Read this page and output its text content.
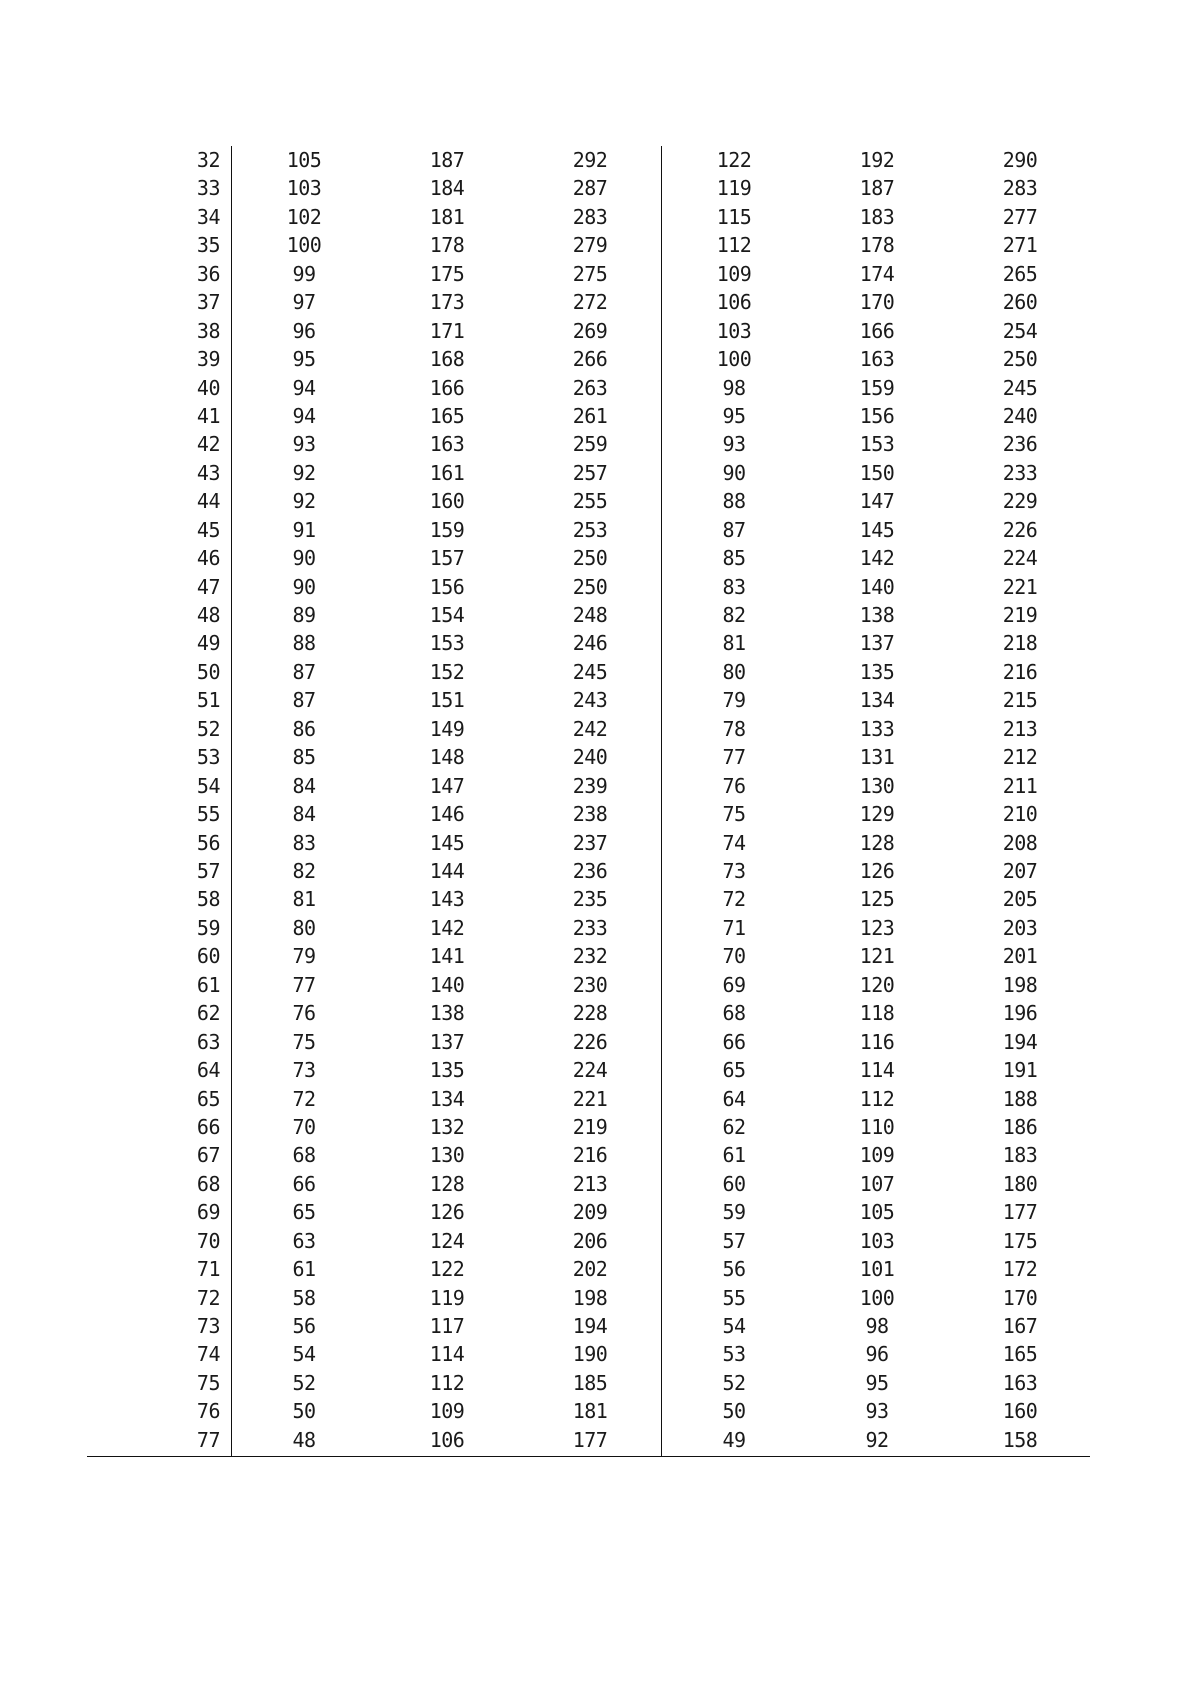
32	105	187	292	122	192	290
33	103	184	287	119	187	283
34	102	181	283	115	183	277
35	100	178	279	112	178	271
36	99	175	275	109	174	265
37	97	173	272	106	170	260
38	96	171	269	103	166	254
39	95	168	266	100	163	250
40	94	166	263	98	159	245
41	94	165	261	95	156	240
42	93	163	259	93	153	236
43	92	161	257	90	150	233
44	92	160	255	88	147	229
45	91	159	253	87	145	226
46	90	157	250	85	142	224
47	90	156	250	83	140	221
48	89	154	248	82	138	219
49	88	153	246	81	137	218
50	87	152	245	80	135	216
51	87	151	243	79	134	215
52	86	149	242	78	133	213
53	85	148	240	77	131	212
54	84	147	239	76	130	211
55	84	146	238	75	129	210
56	83	145	237	74	128	208
57	82	144	236	73	126	207
58	81	143	235	72	125	205
59	80	142	233	71	123	203
60	79	141	232	70	121	201
61	77	140	230	69	120	198
62	76	138	228	68	118	196
63	75	137	226	66	116	194
64	73	135	224	65	114	191
65	72	134	221	64	112	188
66	70	132	219	62	110	186
67	68	130	216	61	109	183
68	66	128	213	60	107	180
69	65	126	209	59	105	177
70	63	124	206	57	103	175
71	61	122	202	56	101	172
72	58	119	198	55	100	170
73	56	117	194	54	98	167
74	54	114	190	53	96	165
75	52	112	185	52	95	163
76	50	109	181	50	93	160
77	48	106	177	49	92	158
